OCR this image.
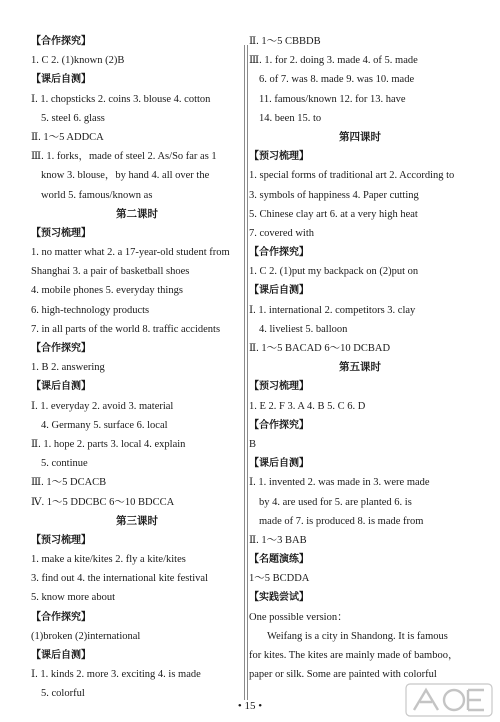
【合作探究】
1. C 2. (1)known (2)B
【课后自测】
Ⅰ. 1. chopsticks 2. coins 3. blouse 4. cotton
5. steel 6. glass
Ⅱ. 1～5 ADDCA
Ⅲ. 1. forks，made of steel 2. As/So far as 1
know 3. blouse，by hand 4. all over the
world 5. famous/known as
第二课时
【预习梳理】
1. no matter what 2. a 17-year-old student from
Shanghai 3. a pair of basketball shoes
4. mobile phones 5. everyday things
6. high-technology products
7. in all parts of the world 8. traffic accidents
【合作探究】
1. B 2. answering
【课后自测】
Ⅰ. 1. everyday 2. avoid 3. material
4. Germany 5. surface 6. local
Ⅱ. 1. hope 2. parts 3. local 4. explain
5. continue
Ⅲ. 1～5 DCACB
Ⅳ. 1～5 DDCBC 6～10 BDCCA
第三课时
【预习梳理】
1. make a kite/kites 2. fly a kite/kites
3. find out 4. the international kite festival
5. know more about
【合作探究】
(1)broken (2)international
【课后自测】
Ⅰ. 1. kinds 2. more 3. exciting 4. is made
5. colorful
Ⅱ. 1～5 CBBDB
Ⅲ. 1. for 2. doing 3. made 4. of 5. made
6. of 7. was 8. made 9. was 10. made
11. famous/known 12. for 13. have
14. been 15. to
第四课时
【预习梳理】
1. special forms of traditional art 2. According to
3. symbols of happiness 4. Paper cutting
5. Chinese clay art 6. at a very high heat
7. covered with
【合作探究】
1. C 2. (1)put my backpack on (2)put on
【课后自测】
Ⅰ. 1. international 2. competitors 3. clay
4. liveliest 5. balloon
Ⅱ. 1～5 BACAD 6～10 DCBAD
第五课时
【预习梳理】
1. E 2. F 3. A 4. B 5. C 6. D
【合作探究】
B
【课后自测】
Ⅰ. 1. invented 2. was made in 3. were made
by 4. are used for 5. are planted 6. is
made of 7. is produced 8. is made from
Ⅱ. 1～3 BAB
【名题演练】
1～5 BCDDA
【实践尝试】
One possible version：
Weifang is a city in Shandong. It is famous
for kites. The kites are mainly made of bamboo，
paper or silk. Some are painted with colorful
• 15 •
